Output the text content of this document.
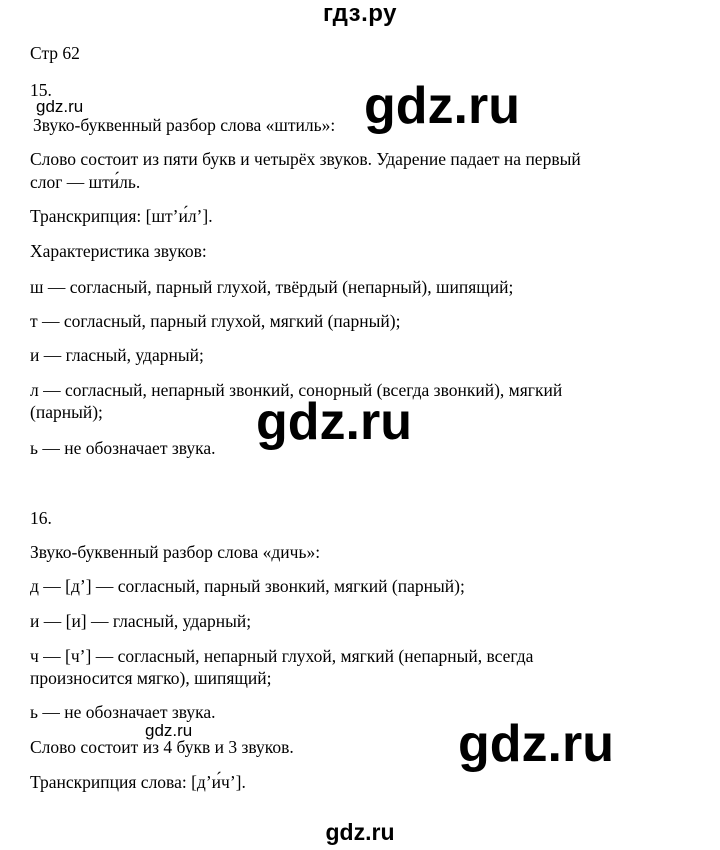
гдз.ру
Стр 62
15.
gdz.ru	gdz.ru
Звуко-буквенный разбор слова «штиль»:
Слово состоит из пяти букв и четырёх звуков. Ударение падает на первый
слог — шти́ль.
Транскрипция: [шт’и́л’].
Характеристика звуков:
ш — согласный, парный глухой, твёрдый (непарный), шипящий;
т — согласный, парный глухой, мягкий (парный);
и — гласный, ударный;
л — согласный, непарный звонкий, сонорный (всегда звонкий), мягкий
(парный);	gdz.ru
ь — не обозначает звука.
16.
Звуко-буквенный разбор слова «дичь»:
д — [д’] — согласный, парный звонкий, мягкий (парный);
и — [и] — гласный, ударный;
ч — [ч’] — согласный, непарный глухой, мягкий (непарный, всегда
произносится мягко), шипящий;
ь — не обозначает звука.
gdz.ru
Слово состоит из 4 букв и 3 звуков.	gdz.ru
Транскрипция слова: [д’и́ч’].
gdz.ru
